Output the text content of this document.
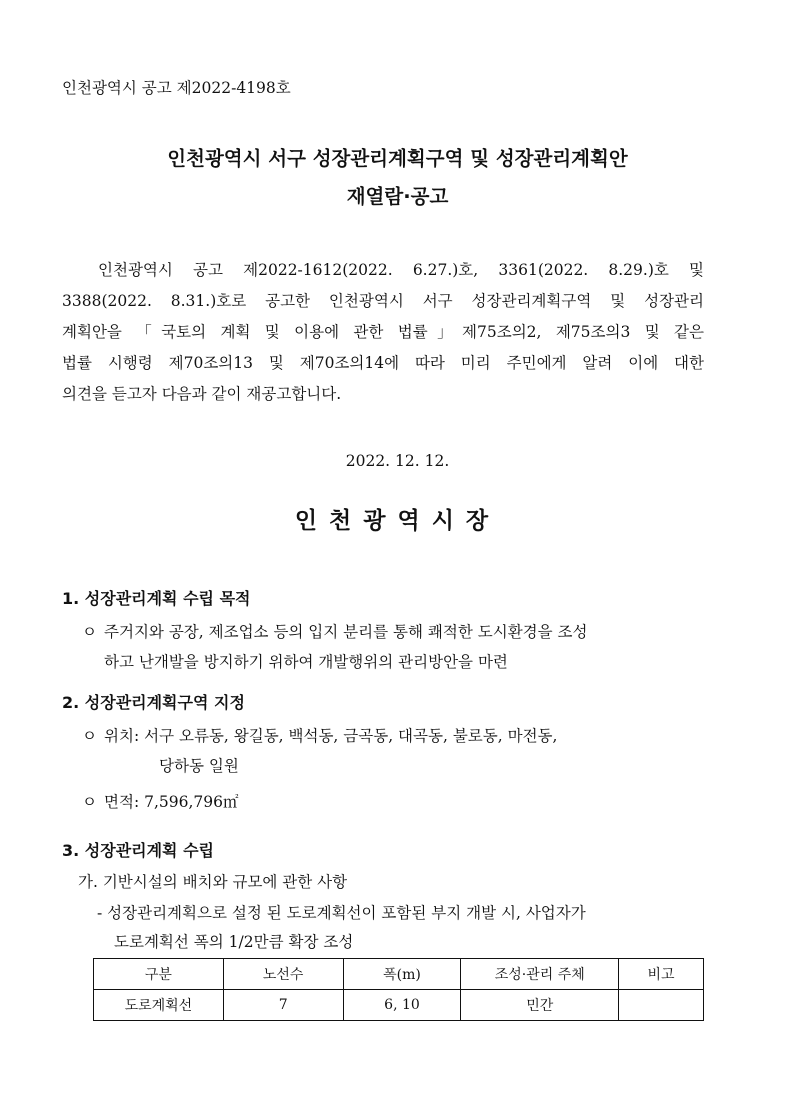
인천광역시 공고 제2022-4198호
인천광역시 서구 성장관리계획구역 및 성장관리계획안
재열람·공고
인천광역시 공고 제2022-1612(2022. 6.27.)호, 3361(2022. 8.29.)호 및
3388(2022. 8.31.)호로 공고한 인천광역시 서구 성장관리계획구역 및 성장관리
계획안을 「국토의 계획 및 이용에 관한 법률」제75조의2, 제75조의3 및 같은
법률 시행령 제70조의13 및 제70조의14에 따라 미리 주민에게 알려 이에 대한
의견을 듣고자 다음과 같이 재공고합니다.
2022. 12. 12.
인천광역시장
1. 성장관리계획 수립 목적
ㅇ 주거지와 공장, 제조업소 등의 입지 분리를 통해 쾌적한 도시환경을 조성
하고 난개발을 방지하기 위하여 개발행위의 관리방안을 마련
2. 성장관리계획구역 지정
ㅇ 위치: 서구 오류동, 왕길동, 백석동, 금곡동, 대곡동, 불로동, 마전동,
당하동 일원
ㅇ 면적: 7,596,796㎡
3. 성장관리계획 수립
가. 기반시설의 배치와 규모에 관한 사항
- 성장관리계획으로 설정 된 도로계획선이 포함된 부지 개발 시, 사업자가
도로계획선 폭의 1/2만큼 확장 조성
구분	노선수	폭(m)	조성·관리 주체	비고
도로계획선	7	6, 10	민간	
